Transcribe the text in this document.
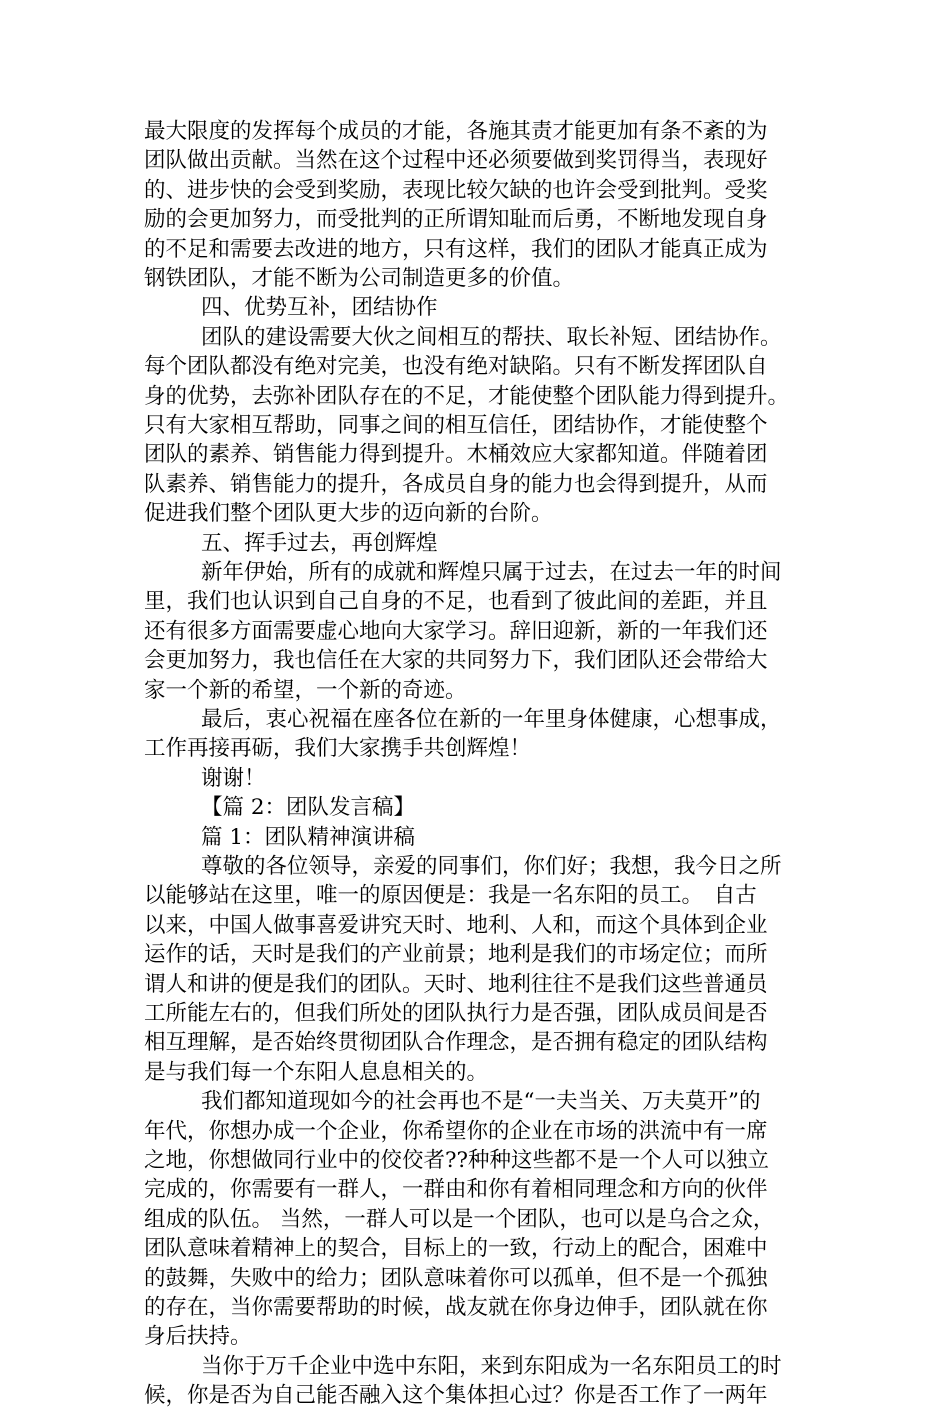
最大限度的发挥每个成员的才能，各施其责才能更加有条不紊的为
团队做出贡献。当然在这个过程中还必须要做到奖罚得当，表现好
的、进步快的会受到奖励，表现比较欠缺的也许会受到批判。受奖
励的会更加努力，而受批判的正所谓知耻而后勇，不断地发现自身
的不足和需要去改进的地方，只有这样，我们的团队才能真正成为
钢铁团队，才能不断为公司制造更多的价值。
四、优势互补，团结协作
团队的建设需要大伙之间相互的帮扶、取长补短、团结协作。
每个团队都没有绝对完美，也没有绝对缺陷。只有不断发挥团队自
身的优势，去弥补团队存在的不足，才能使整个团队能力得到提升。
只有大家相互帮助，同事之间的相互信任，团结协作，才能使整个
团队的素养、销售能力得到提升。木桶效应大家都知道。伴随着团
队素养、销售能力的提升，各成员自身的能力也会得到提升，从而
促进我们整个团队更大步的迈向新的台阶。
五、挥手过去，再创辉煌
新年伊始，所有的成就和辉煌只属于过去，在过去一年的时间
里，我们也认识到自己自身的不足，也看到了彼此间的差距，并且
还有很多方面需要虚心地向大家学习。辞旧迎新，新的一年我们还
会更加努力，我也信任在大家的共同努力下，我们团队还会带给大
家一个新的希望，一个新的奇迹。
最后，衷心祝福在座各位在新的一年里身体健康，心想事成，
工作再接再砺，我们大家携手共创辉煌！
谢谢！
【篇 2：团队发言稿】
篇 1：团队精神演讲稿
尊敬的各位领导，亲爱的同事们，你们好；我想，我今日之所
以能够站在这里，唯一的原因便是：我是一名东阳的员工。　自古
以来，中国人做事喜爱讲究天时、地利、人和，而这个具体到企业
运作的话，天时是我们的产业前景；地利是我们的市场定位；而所
谓人和讲的便是我们的团队。天时、地利往往不是我们这些普通员
工所能左右的，但我们所处的团队执行力是否强，团队成员间是否
相互理解，是否始终贯彻团队合作理念，是否拥有稳定的团队结构
是与我们每一个东阳人息息相关的。
我们都知道现如今的社会再也不是“一夫当关、万夫莫开”的
年代，你想办成一个企业，你希望你的企业在市场的洪流中有一席
之地，你想做同行业中的佼佼者??种种这些都不是一个人可以独立
完成的，你需要有一群人，一群由和你有着相同理念和方向的伙伴
组成的队伍。 当然，一群人可以是一个团队，也可以是乌合之众，
团队意味着精神上的契合，目标上的一致，行动上的配合，困难中
的鼓舞，失败中的给力；团队意味着你可以孤单，但不是一个孤独
的存在，当你需要帮助的时候，战友就在你身边伸手，团队就在你
身后扶持。
当你于万千企业中选中东阳，来到东阳成为一名东阳员工的时
候，你是否为自己能否融入这个集体担心过？你是否工作了一两年
